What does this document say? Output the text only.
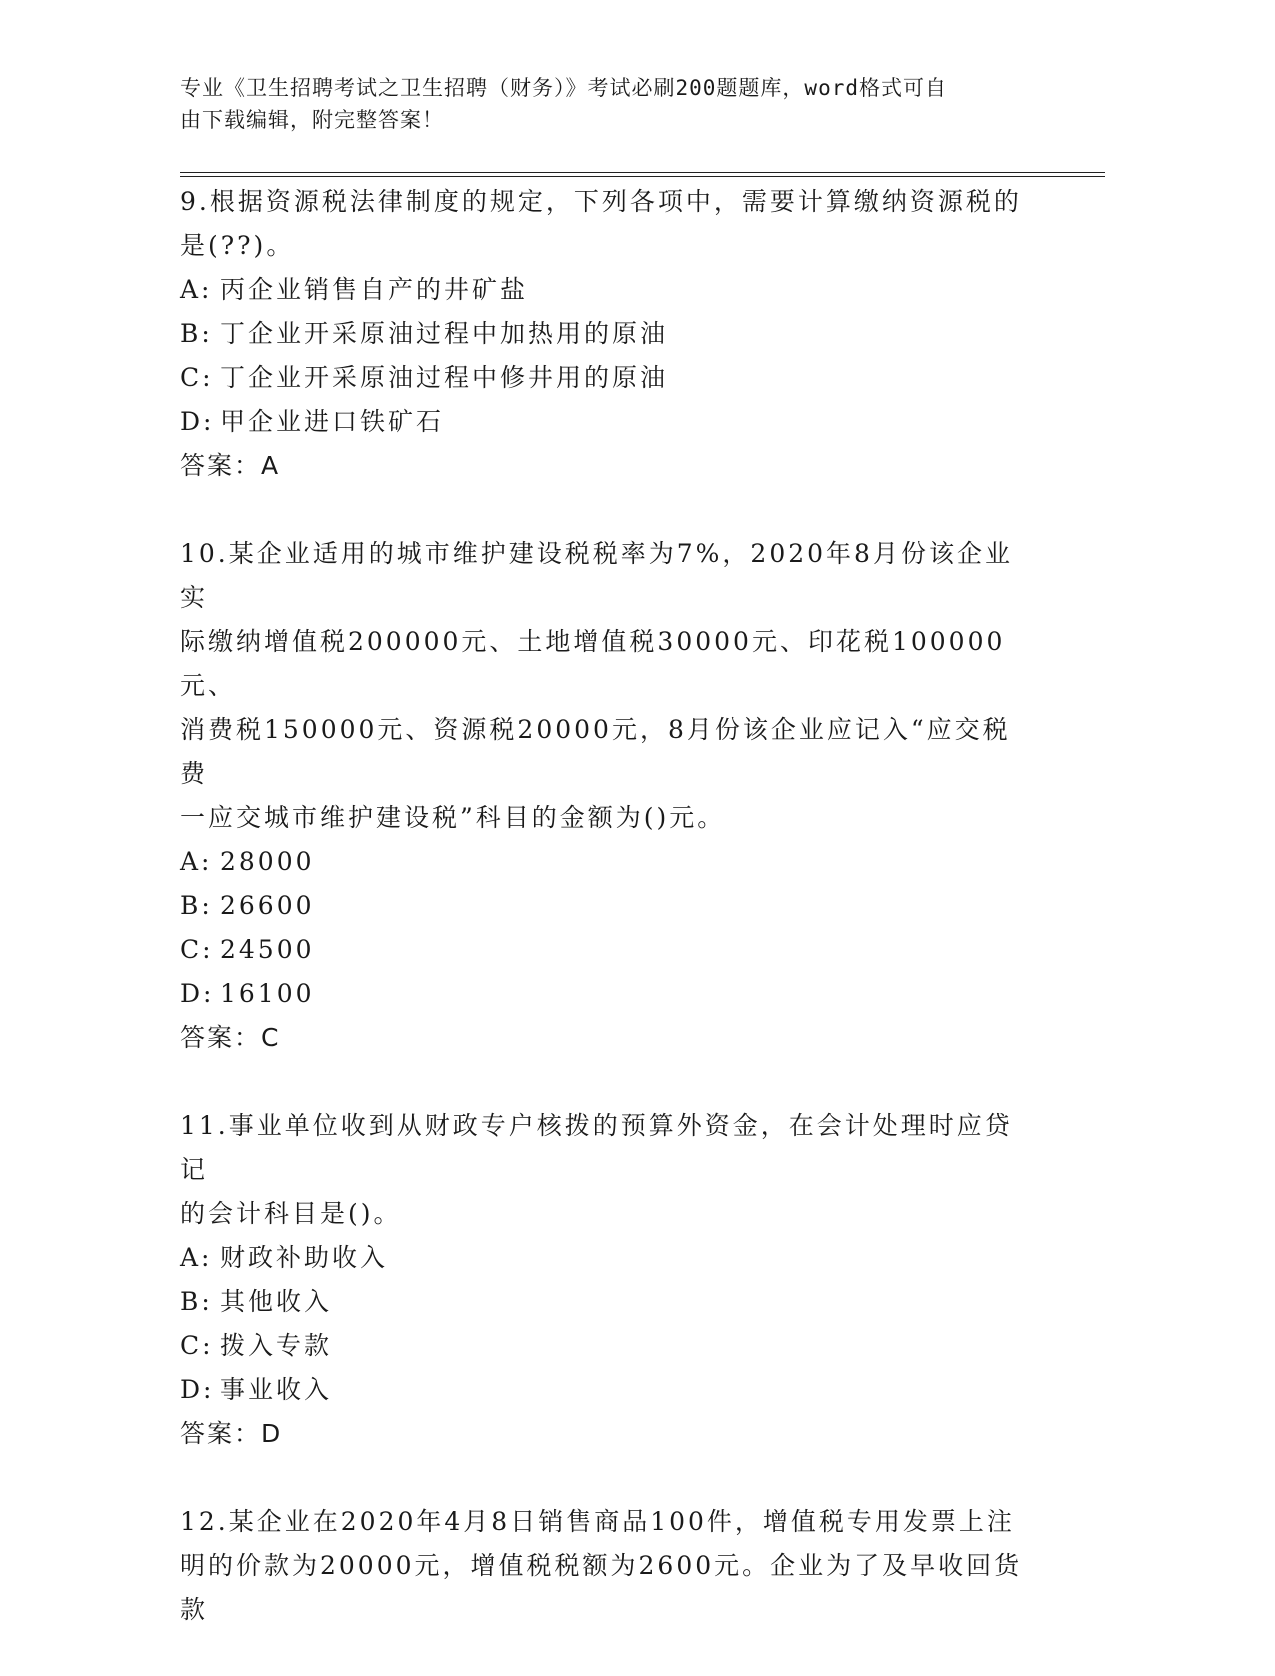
专业《卫生招聘考试之卫生招聘（财务）》考试必刷200题题库，word格式可自
由下载编辑，附完整答案！

9.根据资源税法律制度的规定，下列各项中，需要计算缴纳资源税的

是(??)。

A: 丙企业销售自产的井矿盐
B: 丁企业开采原油过程中加热用的原油
C: 丁企业开采原油过程中修井用的原油
D: 甲企业进口铁矿石

答案：A

10.某企业适用的城市维护建设税税率为7%，2020年8月份该企业实

际缴纳增值税200000元、土地增值税30000元、印花税100000元、

消费税150000元、资源税20000元，8月份该企业应记入“应交税费

一应交城市维护建设税”科目的金额为()元。

A: 28000
B: 26600
C: 24500
D: 16100

答案：C

11.事业单位收到从财政专户核拨的预算外资金，在会计处理时应贷记

的会计科目是()。

A: 财政补助收入
B: 其他收入
C: 拨入专款
D: 事业收入

答案：D

12.某企业在2020年4月8日销售商品100件，增值税专用发票上注

明的价款为20000元，增值税税额为2600元。企业为了及早收回货款
